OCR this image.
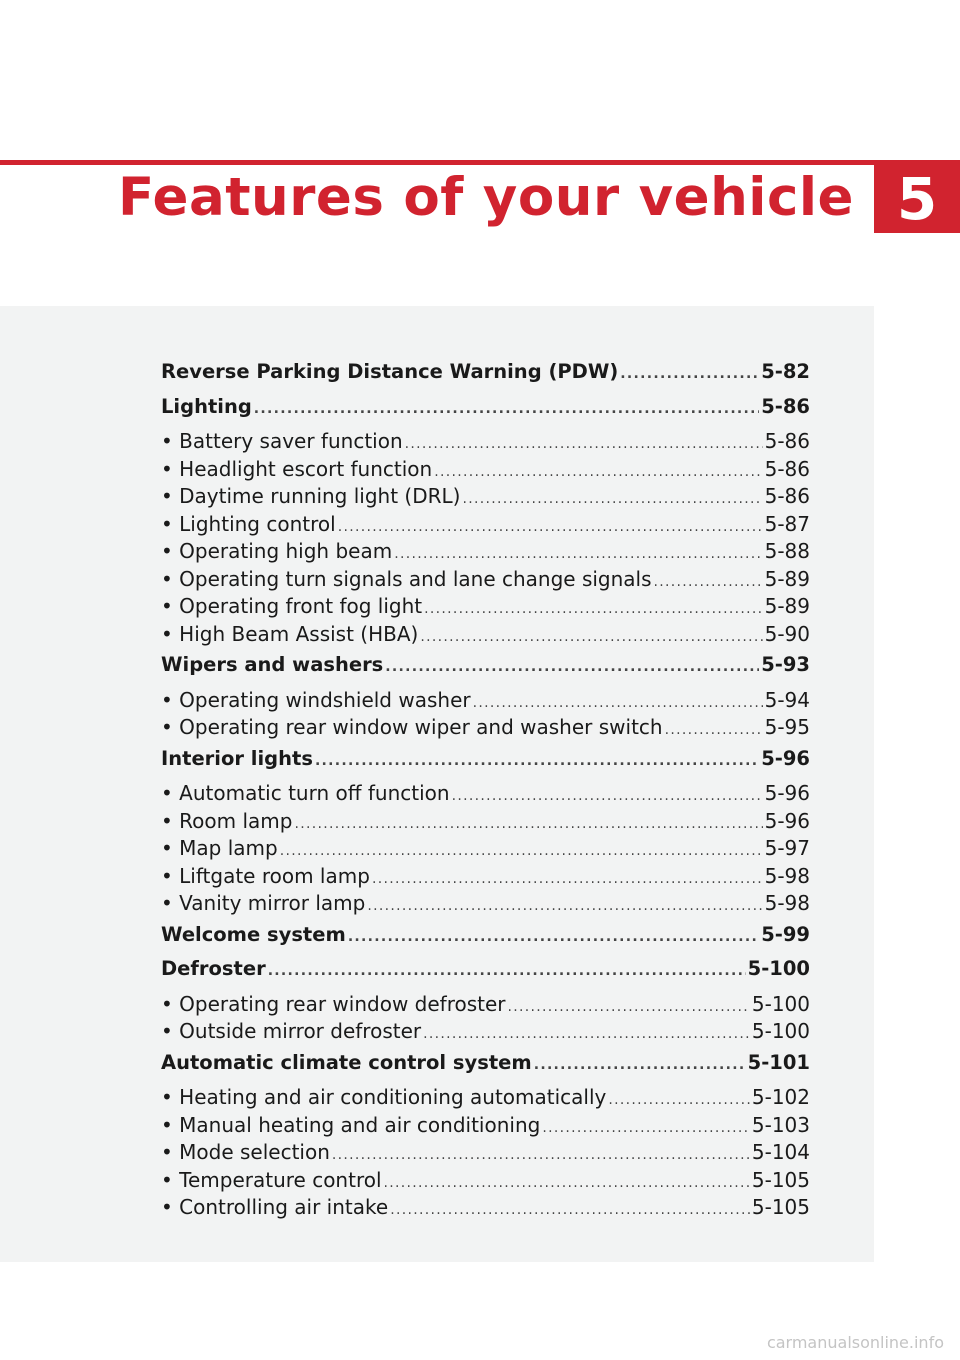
Features of your vehicle 5
Reverse Parking Distance Warning (PDW) .....	5-82
Lighting .....	5-86
• Battery saver function .....	5-86
• Headlight escort function .....	5-86
• Daytime running light (DRL) .....	5-86
• Lighting control .....	5-87
• Operating high beam .....	5-88
• Operating turn signals and lane change signals .....	5-89
• Operating front fog light .....	5-89
• High Beam Assist (HBA) .....	5-90
Wipers and washers .....	5-93
• Operating windshield washer .....	5-94
• Operating rear window wiper and washer switch .....	5-95
Interior lights .....	5-96
• Automatic turn off function .....	5-96
• Room lamp .....	5-96
• Map lamp .....	5-97
• Liftgate room lamp .....	5-98
• Vanity mirror lamp .....	5-98
Welcome system .....	5-99
Defroster .....	5-100
• Operating rear window defroster .....	5-100
• Outside mirror defroster .....	5-100
Automatic climate control system .....	5-101
• Heating and air conditioning automatically .....	5-102
• Manual heating and air conditioning .....	5-103
• Mode selection .....	5-104
• Temperature control .....	5-105
• Controlling air intake .....	5-105
carmanualsonline.info
